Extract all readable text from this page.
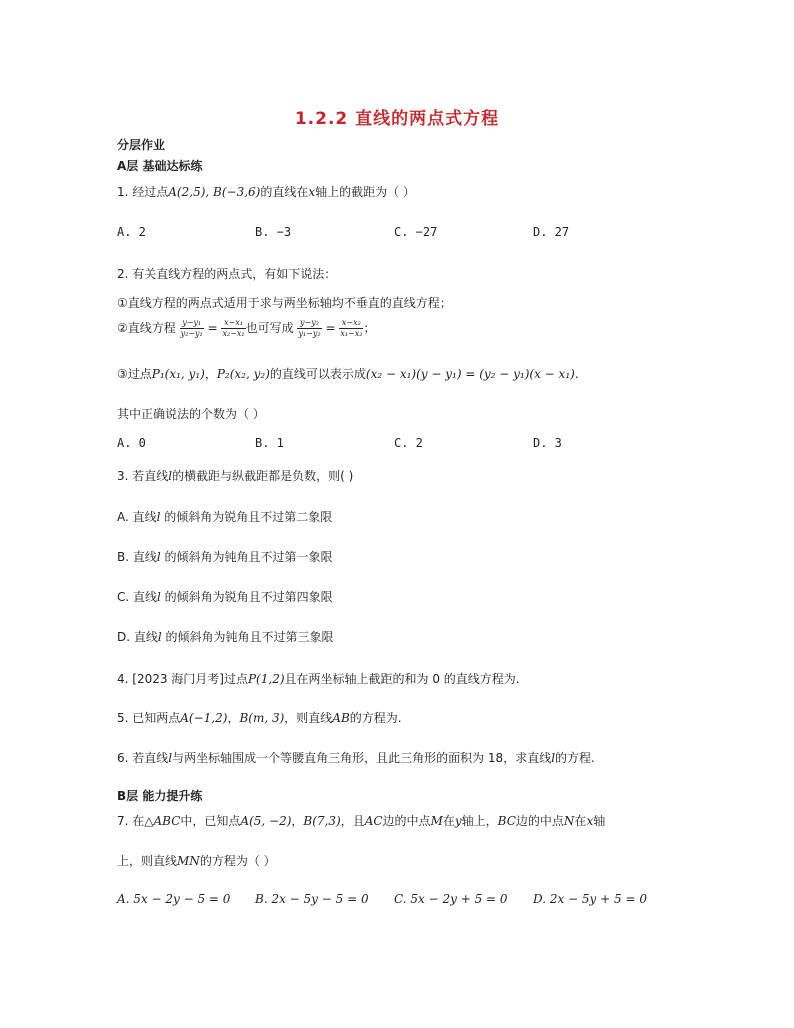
1.2.2 直线的两点式方程
分层作业
A层 基础达标练
1. 经过点A(2,5), B(−3,6)的直线在x轴上的截距为（ ）
A. 2	B. −3	C. −27	D. 27
2. 有关直线方程的两点式，有如下说法：
①直线方程的两点式适用于求与两坐标轴均不垂直的直线方程；
②直线方程 $\frac{\text{y−y₁}}{\text{y₂−y₁}} = \frac{\text{x−x₁}}{\text{x₂−x₁}}$ 也可写成 $\frac{\text{y−y₂}}{\text{y₁−y₂}} = \frac{\text{x−x₂}}{\text{x₁−x₂}}$ ；
③过点P₁(x₁, y₁)，P₂(x₂, y₂)的直线可以表示成(x₂ − x₁)(y − y₁) = (y₂ − y₁)(x − x₁).
其中正确说法的个数为（ ）
A. 0	B. 1	C. 2	D. 3
3. 若直线l的横截距与纵截距都是负数，则( )
A. 直线l 的倾斜角为锐角且不过第二象限
B. 直线l 的倾斜角为钝角且不过第一象限
C. 直线l 的倾斜角为锐角且不过第四象限
D. 直线l 的倾斜角为钝角且不过第三象限
4. [2023 海门月考]过点P(1,2)且在两坐标轴上截距的和为 0 的直线方程为.
5. 已知两点A(−1,2)，B(m, 3)，则直线AB的方程为.
6. 若直线l与两坐标轴围成一个等腰直角三角形，且此三角形的面积为 18，求直线l的方程.
B层 能力提升练
7. 在△ABC中，已知点A(5, −2)，B(7,3)，且AC边的中点M在y轴上，BC边的中点N在x轴
上，则直线MN的方程为（ ）
A. 5x − 2y − 5 = 0 B. 2x − 5y − 5 = 0 C. 5x − 2y + 5 = 0 D. 2x − 5y + 5 = 0
